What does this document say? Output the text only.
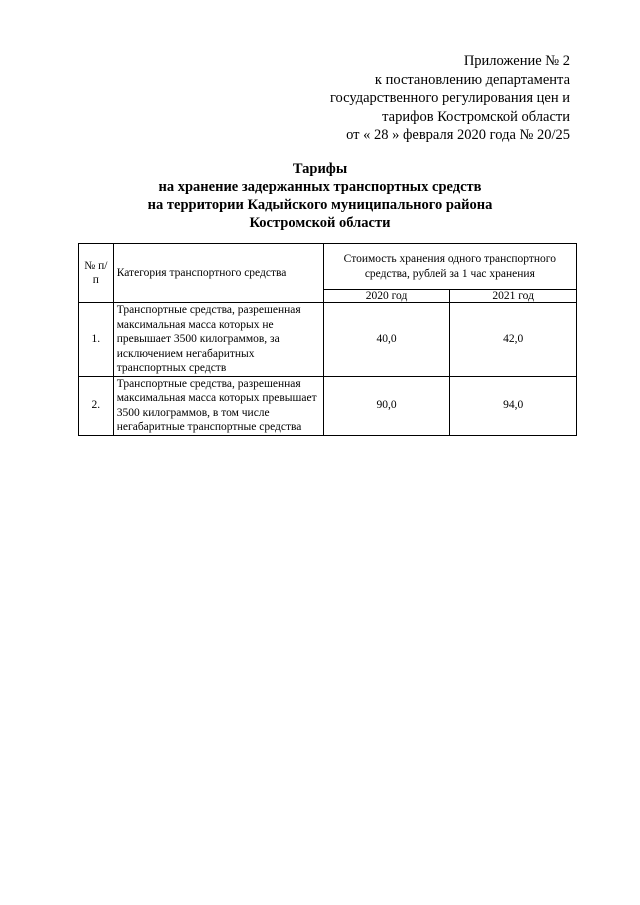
Приложение № 2
к постановлению департамента
государственного регулирования цен и
тарифов Костромской области
от « 28 » февраля 2020 года № 20/25
Тарифы
на хранение задержанных транспортных средств
на территории Кадыйского муниципального района
Костромской области
№ п/п	Категория транспортного средства	Стоимость хранения одного транспортного средства, рублей за 1 час хранения	
		2020 год	2021 год
1.	Транспортные средства, разрешенная максимальная масса которых не превышает 3500 килограммов, за исключением негабаритных транспортных средств	40,0	42,0
2.	Транспортные средства, разрешенная максимальная масса которых превышает 3500 килограммов, в том числе негабаритные транспортные средства	90,0	94,0
